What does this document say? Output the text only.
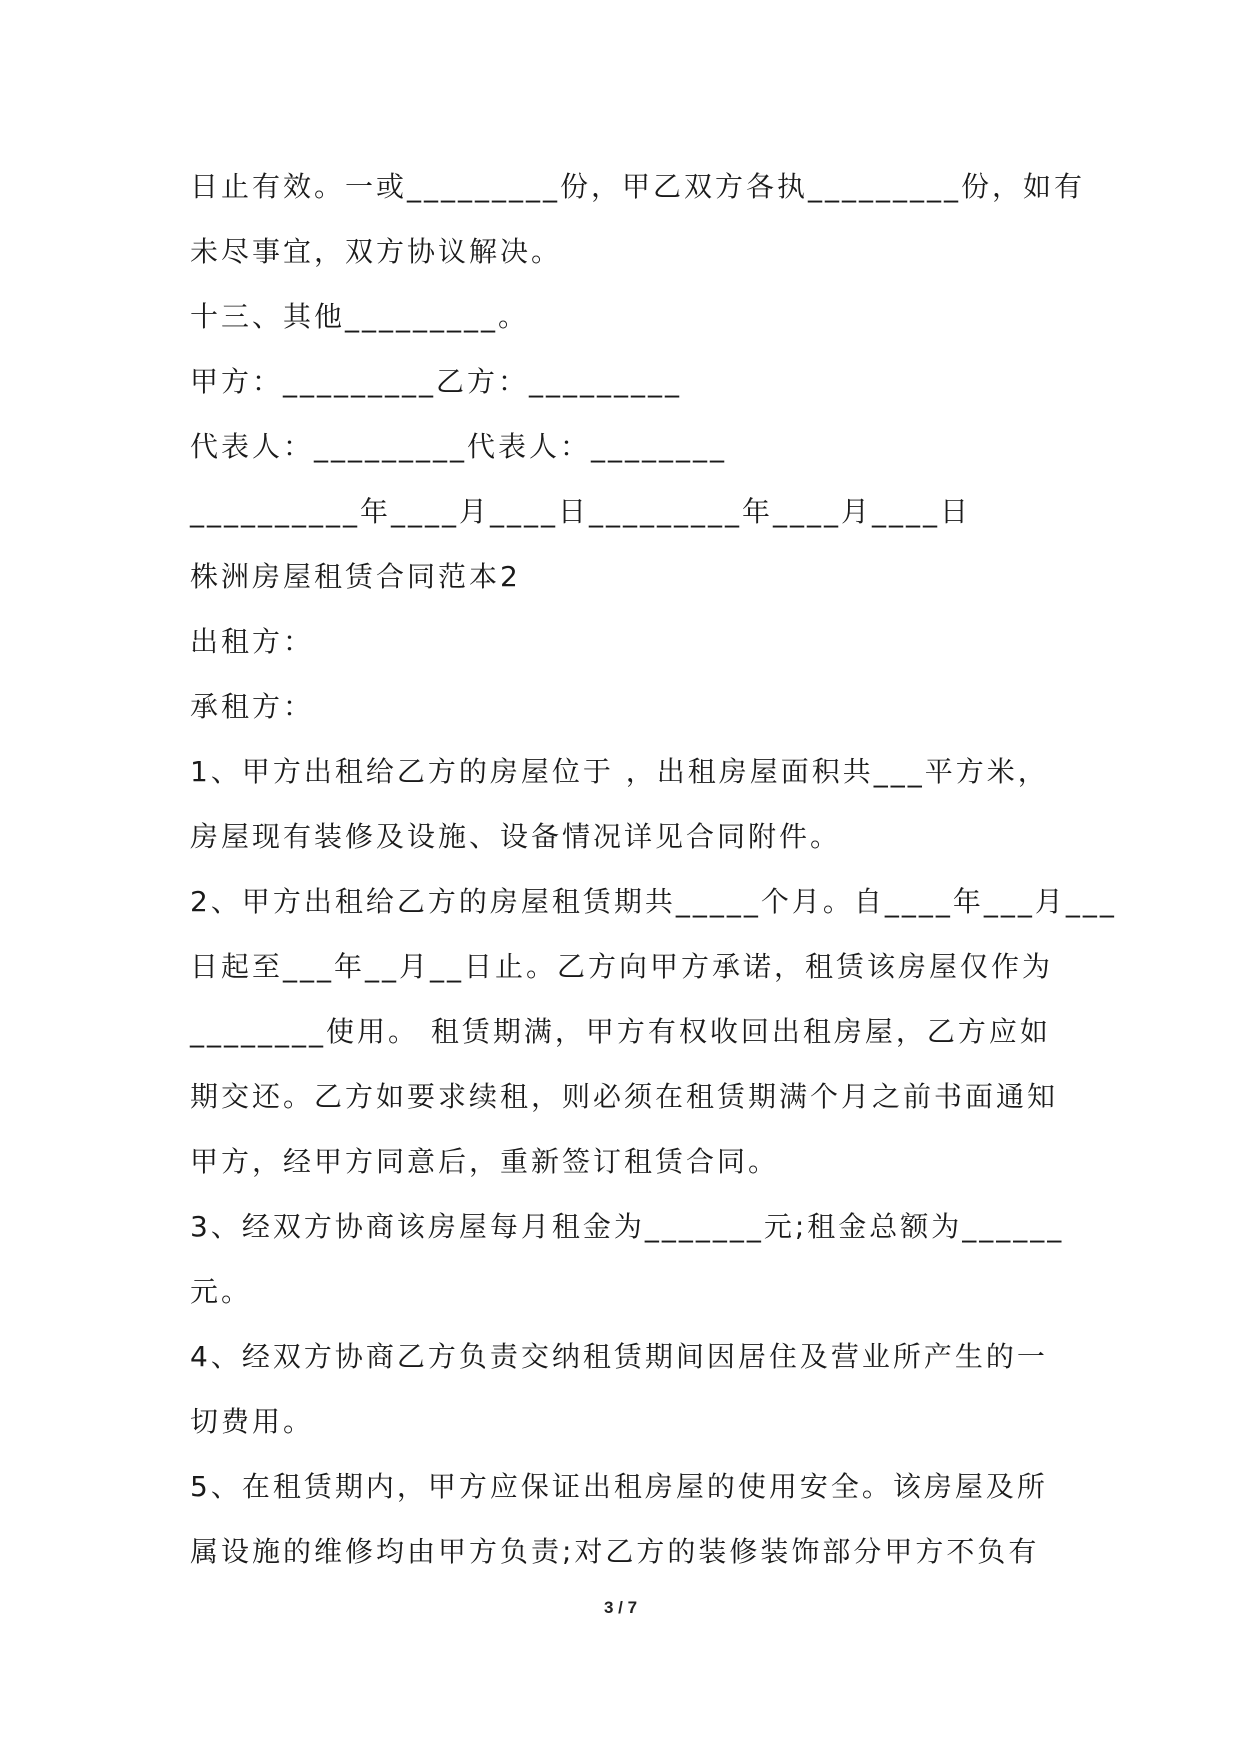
日止有效。一或_________份，甲乙双方各执_________份，如有

未尽事宜，双方协议解决。

十三、其他_________。

甲方：_________乙方：_________

代表人：_________代表人：________

__________年____月____日_________年____月____日

株洲房屋租赁合同范本2

出租方：

承租方：

1、甲方出租给乙方的房屋位于 ，出租房屋面积共___平方米，

房屋现有装修及设施、设备情况详见合同附件。

2、甲方出租给乙方的房屋租赁期共_____个月。自____年___月___

日起至___年__月__日止。乙方向甲方承诺，租赁该房屋仅作为

________使用。 租赁期满，甲方有权收回出租房屋，乙方应如

期交还。乙方如要求续租，则必须在租赁期满个月之前书面通知

甲方，经甲方同意后，重新签订租赁合同。

3、经双方协商该房屋每月租金为_______元;租金总额为______

元。

4、经双方协商乙方负责交纳租赁期间因居住及营业所产生的一

切费用。

5、在租赁期内，甲方应保证出租房屋的使用安全。该房屋及所

属设施的维修均由甲方负责;对乙方的装修装饰部分甲方不负有

3 / 7
